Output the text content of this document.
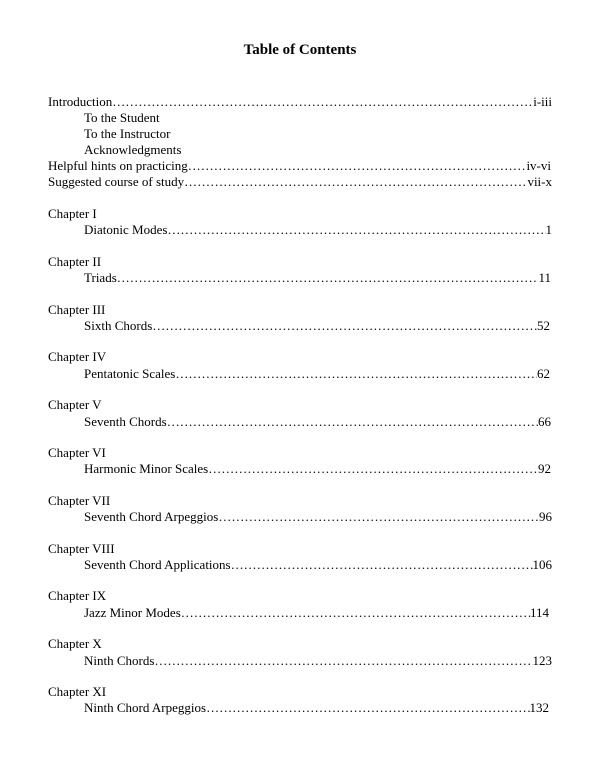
Table of Contents
Introduction ……………………………………………………………………………………………………………………………………………………	i-iii
To the Student
To the Instructor
Acknowledgments
Helpful hints on practicing ……………………………………………………………………………………………………………………………………………………	iv-vi
Suggested course of study ……………………………………………………………………………………………………………………………………………………	vii-x
Chapter I
Diatonic Modes ……………………………………………………………………………………………………………………………………………………	1
Chapter II
Triads ……………………………………………………………………………………………………………………………………………………	11
Chapter III
Sixth Chords ……………………………………………………………………………………………………………………………………………………	52
Chapter IV
Pentatonic Scales ……………………………………………………………………………………………………………………………………………………	62
Chapter V
Seventh Chords ……………………………………………………………………………………………………………………………………………………	66
Chapter VI
Harmonic Minor Scales ……………………………………………………………………………………………………………………………………………………	92
Chapter VII
Seventh Chord Arpeggios ……………………………………………………………………………………………………………………………………………………	96
Chapter VIII
Seventh Chord Applications ……………………………………………………………………………………………………………………………………………………	106
Chapter IX
Jazz Minor Modes ……………………………………………………………………………………………………………………………………………………	114
Chapter X
Ninth Chords ……………………………………………………………………………………………………………………………………………………	123
Chapter XI
Ninth Chord Arpeggios ……………………………………………………………………………………………………………………………………………………	132
